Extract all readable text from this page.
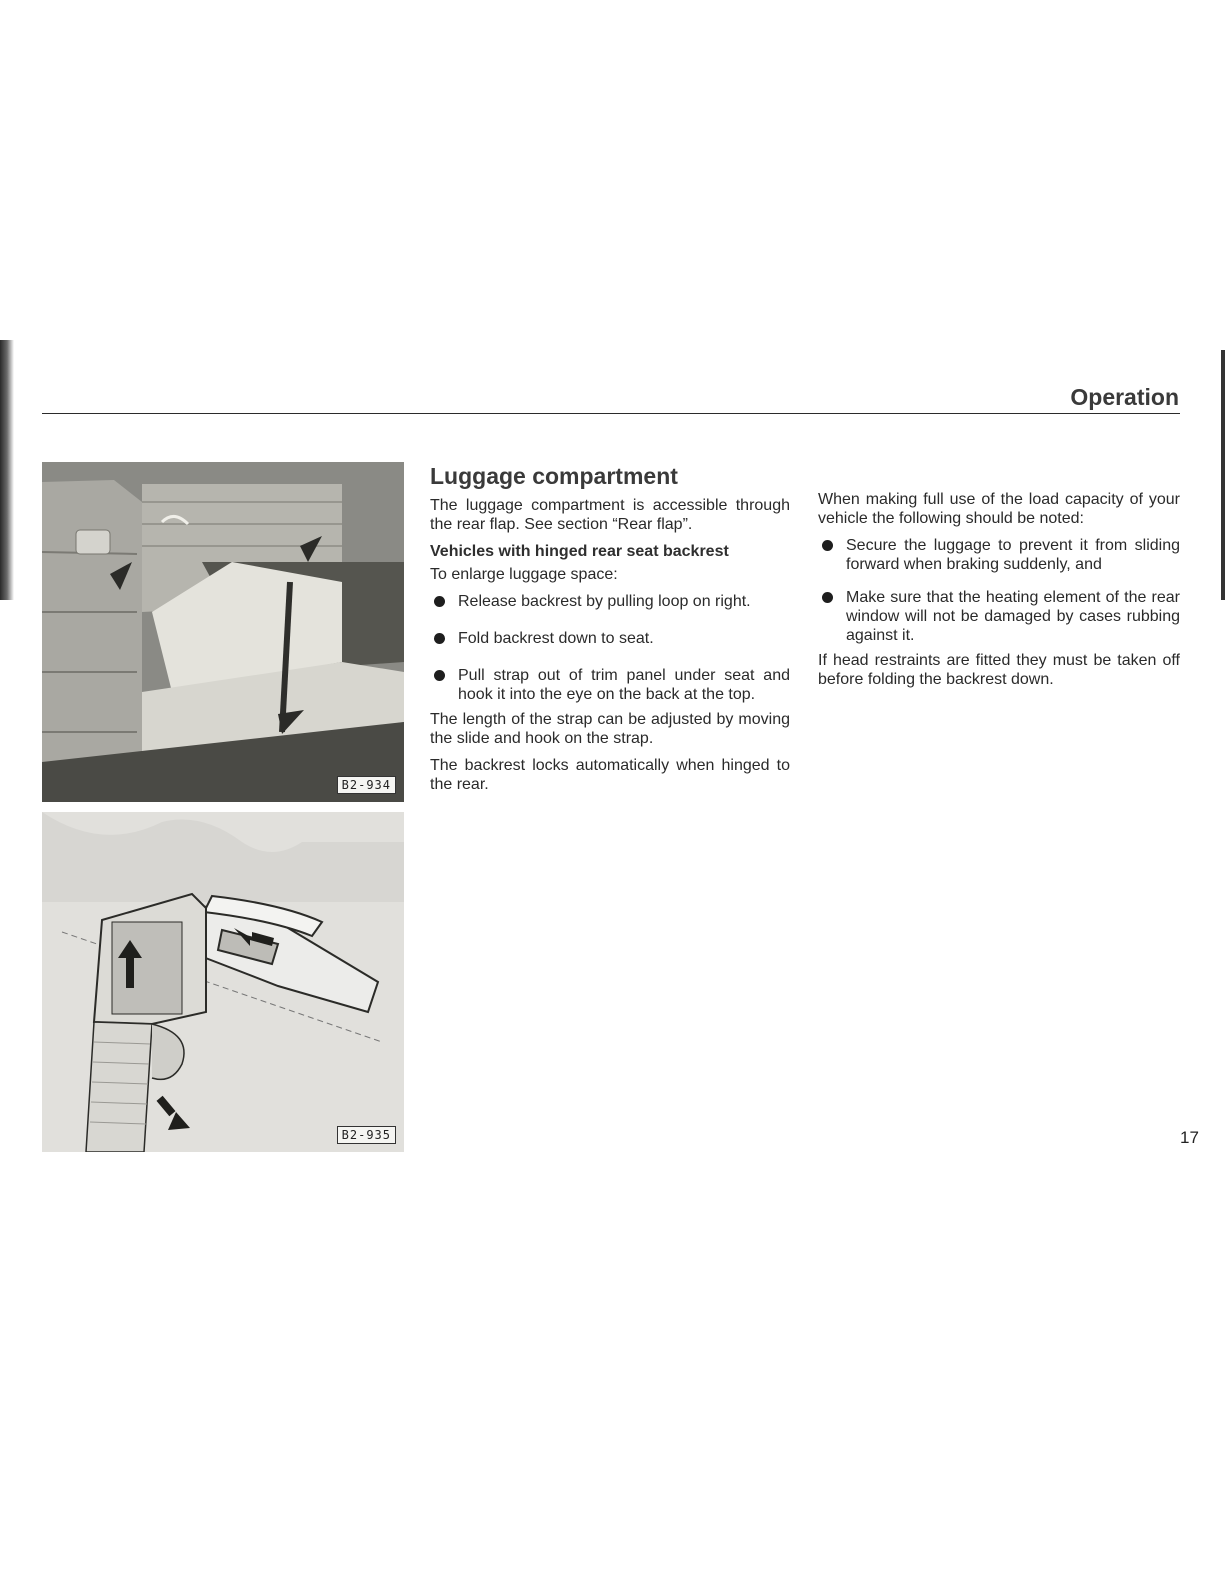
Operation
B2-934
B2-935
Luggage compartment

The luggage compartment is accessible through the rear flap. See section “Rear flap”.

Vehicles with hinged rear seat backrest

To enlarge luggage space:

Release backrest by pulling loop on right.
Fold backrest down to seat.
Pull strap out of trim panel under seat and hook it into the eye on the back at the top.

The length of the strap can be adjusted by moving the slide and hook on the strap.

The backrest locks automatically when hinged to the rear.

When making full use of the load capacity of your vehicle the following should be noted:

Secure the luggage to prevent it from sliding forward when braking suddenly, and
Make sure that the heating element of the rear window will not be damaged by cases rubbing against it.

If head restraints are fitted they must be taken off before folding the backrest down.

17
